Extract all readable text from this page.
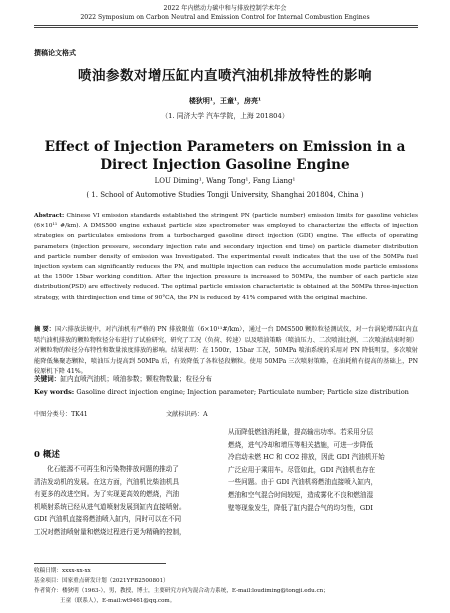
2022 年内燃动力碳中和与排放控制学术年会
2022 Symposium on Carbon Neutral and Emission Control for Internal Combustion Engines
撰稿论文格式
喷油参数对增压缸内直喷汽油机排放特性的影响
楼狄明¹，王童¹，房亮¹
（1. 同济大学 汽车学院，上海 201804）
Effect of Injection Parameters on Emission in a Direct Injection Gasoline Engine
LOU Diming¹, Wang Tong¹, Fang Liang¹
( 1. School of Automotive Studies Tongji University, Shanghai 201804, China )
Abstract: Chinese VI emission standards established the stringent PN (particle number) emission limits for gasoline vehicles (6×10¹¹ #/km). A DMS500 engine exhaust particle size spectrometer was employed to characterize the effects of injection strategies on particulates emissions from a turbocharged gasoline direct injection (GDI) engine. The effects of operating parameters (injection pressure, secondary injection rate and secondary injection end time) on particle diameter distribution and particle number density of emission was Investigated. The experimental result indicates that the use of the 50MPa fuel injection system can significantly reduces the PN, and multiple injection can reduce the accumulation mode particle emissions at the 1500r 15bar working condition. After the injection pressure is increased to 50MPa, the number of each particle size distribution(PSD) are effectively reduced. The optimal particle emission characteristic is obtained at the 50MPa three-injection strategy, with thirdinjection end time of 90°CA, the PN is reduced by 41% compared with the original machine.
摘 要：国六排放法规中，对汽油机有严格的 PN 排放限值（6×10¹¹#/km），通过一台 DMS500 颗粒粒径测试仪，对一台涡轮增压缸内直喷汽油机排放的颗粒物粒径分布进行了试验研究，研究了工况（负荷、转速）以及喷油策略（喷油压力、二次喷油比例、二次喷油结束时刻）对颗粒物的粒径分布特性和数量浓度排放的影响。结果表明：在 1500r，15bar 工况，50MPa 喷油系统的采用对 PN 降低明显，多次喷射能降低集聚态颗粒，喷油压力提高到 50MPa 后，有效降低了各粒径段颗粒。使用 50MPa 三次喷射策略，在油耗稍有提高的基础上，PN 较原机下降 41%。
关键词：缸内直喷汽油机；喷油参数；颗粒物数量；粒径分布
Key words: Gasoline direct injection engine; Injection parameter; Particulate number; Particle size distribution
中图分类号：TK41	文献标识码：A
0 概述
化石能源不可再生和污染物排放问题的推动了
清洁发动机的发展。在这方面，汽油机比柴油机具
有更多的改进空间。为了实现更高效的燃烧，汽油
机喷射系统已经从进气道喷射发展到缸内直接喷射。
GDI 汽油机直接将燃油喷入缸内，同时可以在不同
工况对燃油喷射量和燃烧过程进行更为精确的控制，
从而降低燃油消耗量，提高输出功率。若采用分层
燃烧，进气冷却和增压等相关措施，可进一步降低
冷启动未燃 HC 和 CO2 排放，因此 GDI 汽油机开始
广泛应用于乘用车。尽管如此，GDI 汽油机也存在
一些问题。由于 GDI 汽油机将燃油直接喷入缸内，
燃油和空气混合时间较短，造成雾化不良和燃油湿
壁等现象发生，降低了缸内混合气的均匀性，GDI
收稿日期：xxxx-xx-xx
基金项目：国家重点研发计划（2021YFB2500801）
作者简介：楼狄明（1963-），男，教授，博士，主要研究方向为混合动力系统，E-mail:loudiming@tongji.edu.cn；
王童（联系人），E-mail:wt9461@qq.com。
